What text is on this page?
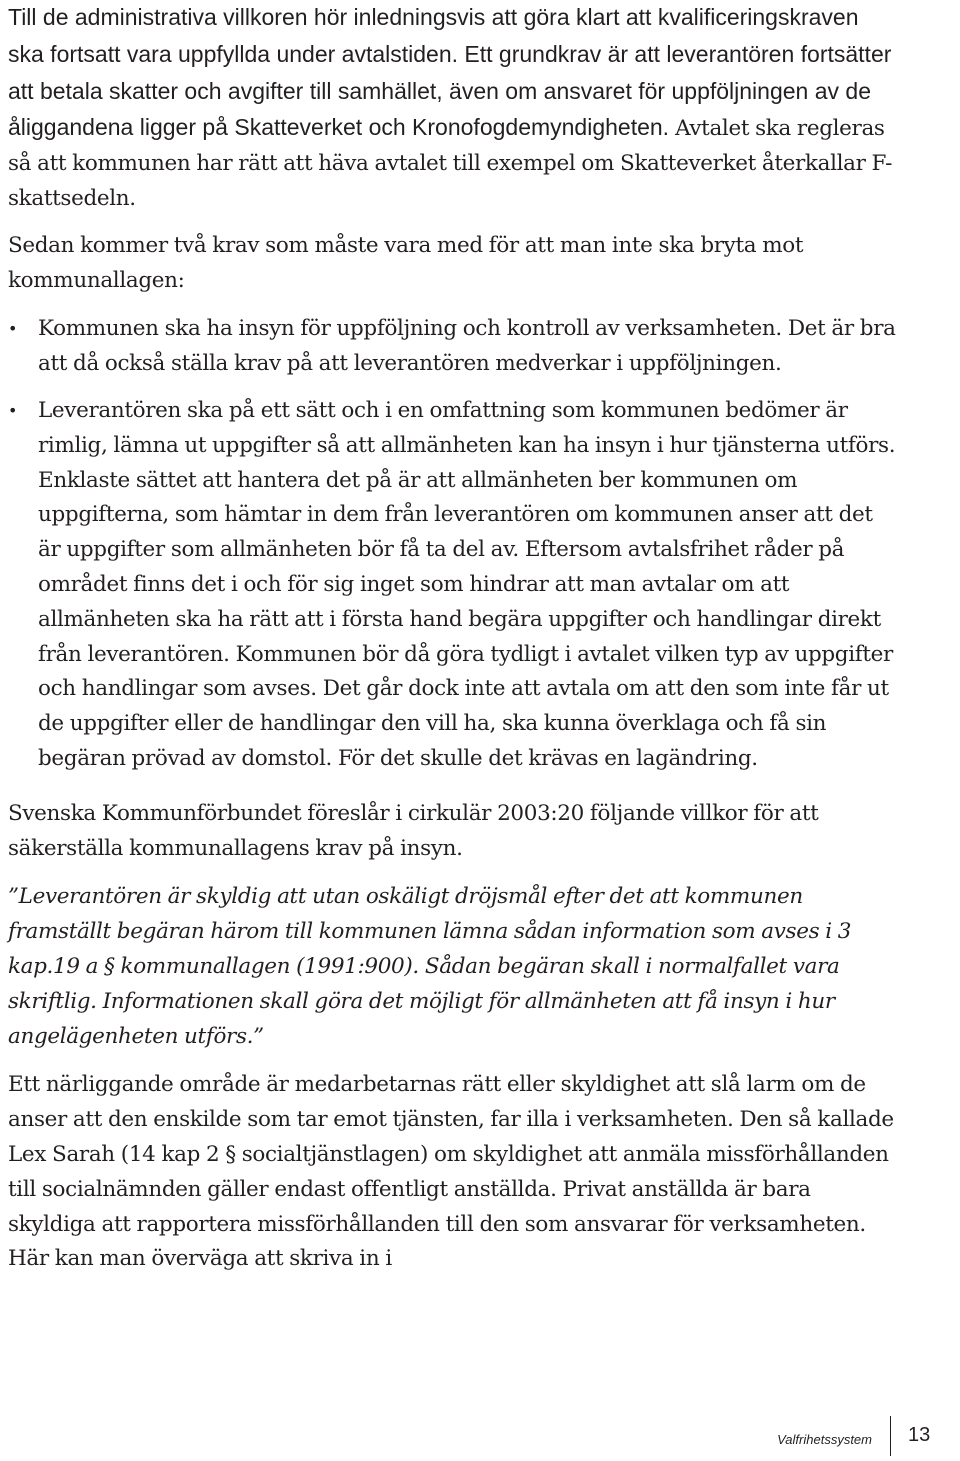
Till de administrativa villkoren hör inledningsvis att göra klart att kvalificeringskraven ska fortsatt vara uppfyllda under avtalstiden. Ett grundkrav är att leverantören fortsätter att betala skatter och avgifter till samhället, även om ansvaret för uppföljningen av de åliggandena ligger på Skatteverket och Kronofogdemyndigheten. Avtalet ska regleras så att kommunen har rätt att häva avtalet till exempel om Skatteverket återkallar F-skattsedeln.

Sedan kommer två krav som måste vara med för att man inte ska bryta mot kommunallagen:

• Kommunen ska ha insyn för uppföljning och kontroll av verksamheten. Det är bra att då också ställa krav på att leverantören medverkar i uppföljningen.
• Leverantören ska på ett sätt och i en omfattning som kommunen bedömer är rimlig, lämna ut uppgifter så att allmänheten kan ha insyn i hur tjänsterna utförs. Enklaste sättet att hantera det på är att allmänheten ber kommunen om uppgifterna, som hämtar in dem från leverantören om kommunen anser att det är uppgifter som allmänheten bör få ta del av. Eftersom avtalsfrihet råder på området finns det i och för sig inget som hindrar att man avtalar om att allmänheten ska ha rätt att i första hand begära uppgifter och handlingar direkt från leverantören. Kommunen bör då göra tydligt i avtalet vilken typ av uppgifter och handlingar som avses. Det går dock inte att avtala om att den som inte får ut de uppgifter eller de handlingar den vill ha, ska kunna överklaga och få sin begäran prövad av domstol. För det skulle det krävas en lagändring.

Svenska Kommunförbundet föreslår i cirkulär 2003:20 följande villkor för att säkerställa kommunallagens krav på insyn.

”Leverantören är skyldig att utan oskäligt dröjsmål efter det att kommunen framställt begäran härom till kommunen lämna sådan information som avses i 3 kap.19 a § kommunallagen (1991:900). Sådan begäran skall i normalfallet vara skriftlig. Informationen skall göra det möjligt för allmänheten att få insyn i hur angelägenheten utförs.”

Ett närliggande område är medarbetarnas rätt eller skyldighet att slå larm om de anser att den enskilde som tar emot tjänsten, far illa i verksamheten. Den så kallade Lex Sarah (14 kap 2 § socialtjänstlagen) om skyldighet att anmäla missförhållanden till socialnämnden gäller endast offentligt anställda. Privat anställda är bara skyldiga att rapportera missförhållanden till den som ansvarar för verksamheten. Här kan man överväga att skriva in i

Valfrihetssystem 13
